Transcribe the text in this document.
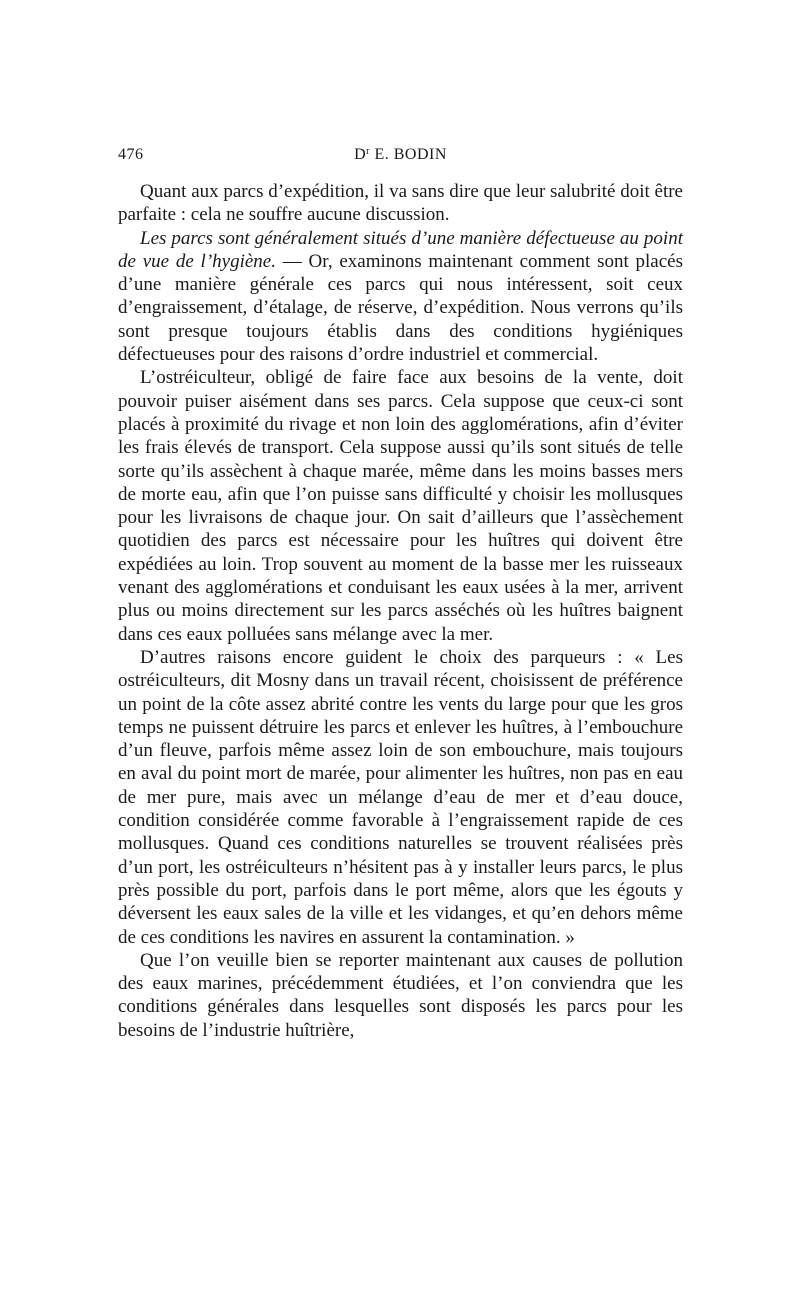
476	$D^r$ E. BODIN

Quant aux parcs d’expédition, il va sans dire que leur salubrité doit être parfaite : cela ne souffre aucune discussion.

Les parcs sont généralement situés d’une manière défectueuse au point de vue de l’hygiène. — Or, examinons maintenant comment sont placés d’une manière générale ces parcs qui nous intéressent, soit ceux d’engraissement, d’étalage, de réserve, d’expédition. Nous verrons qu’ils sont presque toujours établis dans des conditions hygiéniques défectueuses pour des raisons d’ordre industriel et commercial.

L’ostréiculteur, obligé de faire face aux besoins de la vente, doit pouvoir puiser aisément dans ses parcs. Cela suppose que ceux-ci sont placés à proximité du rivage et non loin des agglomérations, afin d’éviter les frais élevés de transport. Cela suppose aussi qu’ils sont situés de telle sorte qu’ils assèchent à chaque marée, même dans les moins basses mers de morte eau, afin que l’on puisse sans difficulté y choisir les mollusques pour les livraisons de chaque jour. On sait d’ailleurs que l’assèchement quotidien des parcs est nécessaire pour les huîtres qui doivent être expédiées au loin. Trop souvent au moment de la basse mer les ruisseaux venant des agglomérations et conduisant les eaux usées à la mer, arrivent plus ou moins directement sur les parcs asséchés où les huîtres baignent dans ces eaux polluées sans mélange avec la mer.

D’autres raisons encore guident le choix des parqueurs : « Les ostréiculteurs, dit Mosny dans un travail récent, choisissent de préférence un point de la côte assez abrité contre les vents du large pour que les gros temps ne puissent détruire les parcs et enlever les huîtres, à l’embouchure d’un fleuve, parfois même assez loin de son embouchure, mais toujours en aval du point mort de marée, pour alimenter les huîtres, non pas en eau de mer pure, mais avec un mélange d’eau de mer et d’eau douce, condition considérée comme favorable à l’engraissement rapide de ces mollusques. Quand ces conditions naturelles se trouvent réalisées près d’un port, les ostréiculteurs n’hésitent pas à y installer leurs parcs, le plus près possible du port, parfois dans le port même, alors que les égouts y déversent les eaux sales de la ville et les vidanges, et qu’en dehors même de ces conditions les navires en assurent la contamination. »

Que l’on veuille bien se reporter maintenant aux causes de pollution des eaux marines, précédemment étudiées, et l’on conviendra que les conditions générales dans lesquelles sont disposés les parcs pour les besoins de l’industrie huîtrière,
